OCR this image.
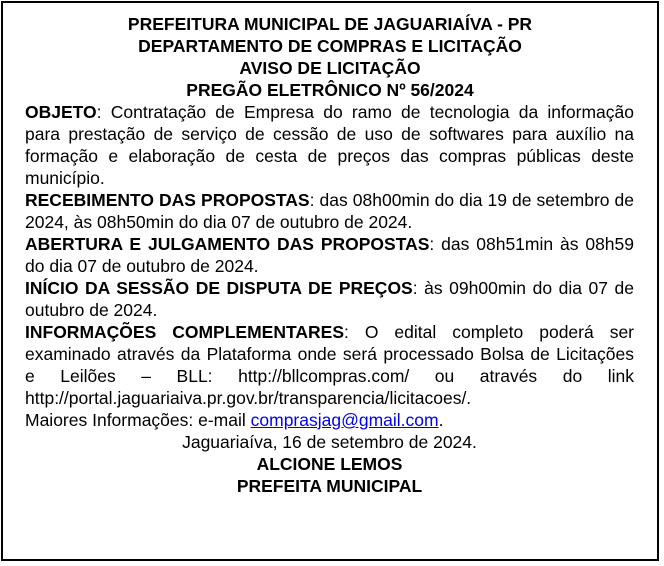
PREFEITURA MUNICIPAL DE JAGUARIAÍVA - PR
DEPARTAMENTO DE COMPRAS E LICITAÇÃO
AVISO DE LICITAÇÃO
PREGÃO ELETRÔNICO Nº 56/2024

OBJETO: Contratação de Empresa do ramo de tecnologia da informação para prestação de serviço de cessão de uso de softwares para auxílio na formação e elaboração de cesta de preços das compras públicas deste município.

RECEBIMENTO DAS PROPOSTAS: das 08h00min do dia 19 de setembro de 2024, às 08h50min do dia 07 de outubro de 2024.

ABERTURA E JULGAMENTO DAS PROPOSTAS: das 08h51min às 08h59 do dia 07 de outubro de 2024.

INÍCIO DA SESSÃO DE DISPUTA DE PREÇOS: às 09h00min do dia 07 de outubro de 2024.

INFORMAÇÕES COMPLEMENTARES: O edital completo poderá ser examinado através da Plataforma onde será processado Bolsa de Licitações e Leilões – BLL: http://bllcompras.com/ ou através do link http://portal.jaguariaiva.pr.gov.br/transparencia/licitacoes/.

Maiores Informações: e-mail comprasjag@gmail.com.

Jaguariaíva, 16 de setembro de 2024.

ALCIONE LEMOS

PREFEITA MUNICIPAL
